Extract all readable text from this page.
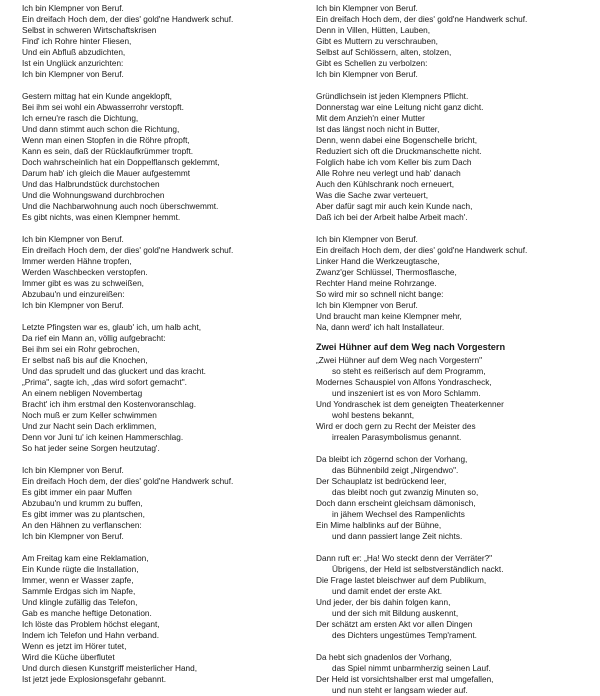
Ich bin Klempner von Beruf.
Ein dreifach Hoch dem, der dies' gold'ne Handwerk schuf.
Selbst in schweren Wirtschaftskrisen
Find' ich Rohre hinter Fliesen,
Und ein Abfluß abzudichten,
Ist ein Unglück anzurichten:
Ich bin Klempner von Beruf.
Gestern mittag hat ein Kunde angeklopft,
Bei ihm sei wohl ein Abwasserrohr verstopft.
Ich erneu're rasch die Dichtung,
Und dann stimmt auch schon die Richtung,
Wenn man einen Stopfen in die Röhre pfropft,
Kann es sein, daß der Rücklaufkrümmer tropft.
Doch wahrscheinlich hat ein Doppelflansch geklemmt,
Darum hab' ich gleich die Mauer aufgestemmt
Und das Halbrundstück durchstochen
Und die Wohnungswand durchbrochen
Und die Nachbarwohnung auch noch überschwemmt.
Es gibt nichts, was einen Klempner hemmt.
Ich bin Klempner von Beruf.
Ein dreifach Hoch dem, der dies' gold'ne Handwerk schuf.
Immer werden Hähne tropfen,
Werden Waschbecken verstopfen.
Immer gibt es was zu schweißen,
Abzubau'n und einzureißen:
Ich bin Klempner von Beruf.
Letzte Pfingsten war es, glaub' ich, um halb acht,
Da rief ein Mann an, völlig aufgebracht:
Bei ihm sei ein Rohr gebrochen,
Er selbst naß bis auf die Knochen,
Und das sprudelt und das gluckert und das kracht.
„Prima", sagte ich, „das wird sofort gemacht".
An einem nebligen Novembertag
Bracht' ich ihm erstmal den Kostenvoranschlag.
Noch muß er zum Keller schwimmen
Und zur Nacht sein Dach erklimmen,
Denn vor Juni tu' ich keinen Hammerschlag.
So hat jeder seine Sorgen heutzutag'.
Ich bin Klempner von Beruf.
Ein dreifach Hoch dem, der dies' gold'ne Handwerk schuf.
Es gibt immer ein paar Muffen
Abzubau'n und krumm zu buffen,
Es gibt immer was zu plantschen,
An den Hähnen zu verflanschen:
Ich bin Klempner von Beruf.
Am Freitag kam eine Reklamation,
Ein Kunde rügte die Installation,
Immer, wenn er Wasser zapfe,
Sammle Erdgas sich im Napfe,
Und klingle zufällig das Telefon,
Gab es manche heftige Detonation.
Ich löste das Problem höchst elegant,
Indem ich Telefon und Hahn verband.
Wenn es jetzt im Hörer tutet,
Wird die Küche überflutet
Und durch diesen Kunstgriff meisterlicher Hand,
Ist jetzt jede Explosionsgefahr gebannt.
Ich bin Klempner von Beruf.
Ein dreifach Hoch dem, der dies' gold'ne Handwerk schuf.
Denn in Villen, Hütten, Lauben,
Gibt es Muttern zu verschrauben,
Selbst auf Schlössern, alten, stolzen,
Gibt es Schellen zu verbolzen:
Ich bin Klempner von Beruf.
Gründlichsein ist jeden Klempners Pflicht.
Donnerstag war eine Leitung nicht ganz dicht.
Mit dem Anzieh'n einer Mutter
Ist das längst noch nicht in Butter,
Denn, wenn dabei eine Bogenschelle bricht,
Reduziert sich oft die Druckmanschette nicht.
Folglich habe ich vom Keller bis zum Dach
Alle Rohre neu verlegt und hab' danach
Auch den Kühlschrank noch erneuert,
Was die Sache zwar verteuert,
Aber dafür sagt mir auch kein Kunde nach,
Daß ich bei der Arbeit halbe Arbeit mach'.
Ich bin Klempner von Beruf.
Ein dreifach Hoch dem, der dies' gold'ne Handwerk schuf.
Linker Hand die Werkzeugtasche,
Zwanz'ger Schlüssel, Thermosflasche,
Rechter Hand meine Rohrzange.
So wird mir so schnell nicht bange:
Ich bin Klempner von Beruf.
Und braucht man keine Klempner mehr,
Na, dann werd' ich halt Installateur.
Zwei Hühner auf dem Weg nach Vorgestern
„Zwei Hühner auf dem Weg nach Vorgestern"
so steht es reißerisch auf dem Programm,
Modernes Schauspiel von Alfons Yondrascheck,
und inszeniert ist es von Moro Schlamm.
Und Yondraschek ist dem geneigten Theaterkenner
wohl bestens bekannt,
Wird er doch gern zu Recht der Meister des
irrealen Parasymbolismus genannt.
Da bleibt ich zögernd schon der Vorhang,
das Bühnenbild zeigt „Nirgendwo".
Der Schauplatz ist bedrückend leer,
das bleibt noch gut zwanzig Minuten so,
Doch dann erscheint gleichsam dämonisch,
in jähem Wechsel des Rampenlichts
Ein Mime halblinks auf der Bühne,
und dann passiert lange Zeit nichts.
Dann ruft er: „Ha! Wo steckt denn der Verräter?"
Übrigens, der Held ist selbstverständlich nackt.
Die Frage lastet bleischwer auf dem Publikum,
und damit endet der erste Akt.
Und jeder, der bis dahin folgen kann,
und der sich mit Bildung auskennt,
Der schätzt am ersten Akt vor allen Dingen
des Dichters ungestümes Temp'rament.
Da hebt sich gnadenlos der Vorhang,
das Spiel nimmt unbarmherzig seinen Lauf.
Der Held ist vorsichtshalber erst mal umgefallen,
und nun steht er langsam wieder auf.
